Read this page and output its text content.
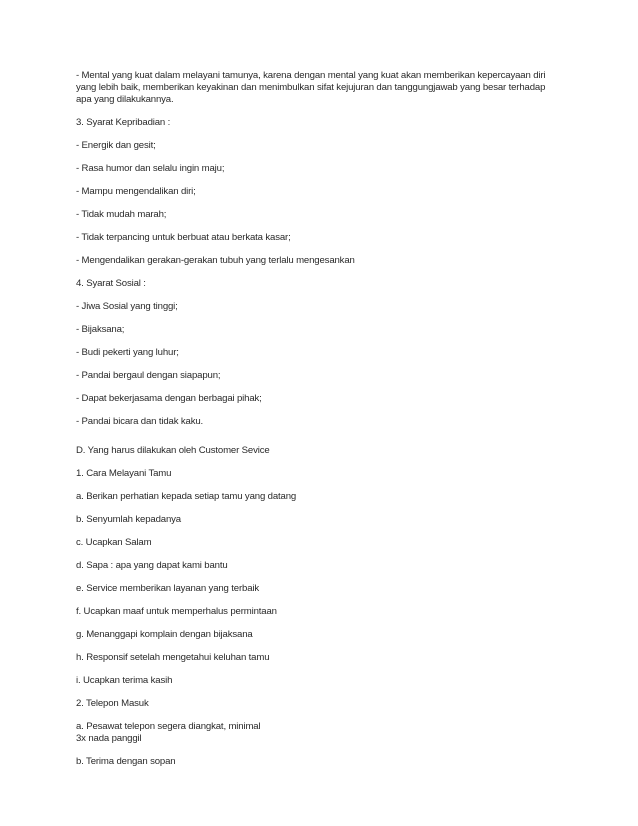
- Mental yang kuat dalam melayani tamunya, karena dengan mental yang kuat akan memberikan kepercayaan diri
yang lebih baik, memberikan keyakinan dan menimbulkan sifat kejujuran dan tanggungjawab yang besar terhadap
apa yang dilakukannya.
3. Syarat Kepribadian :
- Energik dan gesit;
- Rasa humor dan selalu ingin maju;
- Mampu mengendalikan diri;
- Tidak mudah marah;
- Tidak terpancing untuk berbuat atau berkata kasar;
- Mengendalikan gerakan-gerakan tubuh yang terlalu mengesankan
4. Syarat Sosial :
- Jiwa Sosial yang tinggi;
- Bijaksana;
- Budi pekerti yang luhur;
- Pandai bergaul dengan siapapun;
- Dapat bekerjasama dengan berbagai pihak;
- Pandai bicara dan tidak kaku.
D. Yang harus dilakukan oleh Customer Sevice
1. Cara Melayani Tamu
a. Berikan perhatian kepada setiap tamu yang datang
b. Senyumlah kepadanya
c. Ucapkan Salam
d. Sapa : apa yang dapat kami bantu
e. Service memberikan layanan yang terbaik
f. Ucapkan maaf untuk memperhalus permintaan
g. Menanggapi komplain dengan bijaksana
h. Responsif setelah mengetahui keluhan tamu
i. Ucapkan terima kasih
2. Telepon Masuk
a. Pesawat telepon segera diangkat, minimal
3x nada panggil
b. Terima dengan sopan
